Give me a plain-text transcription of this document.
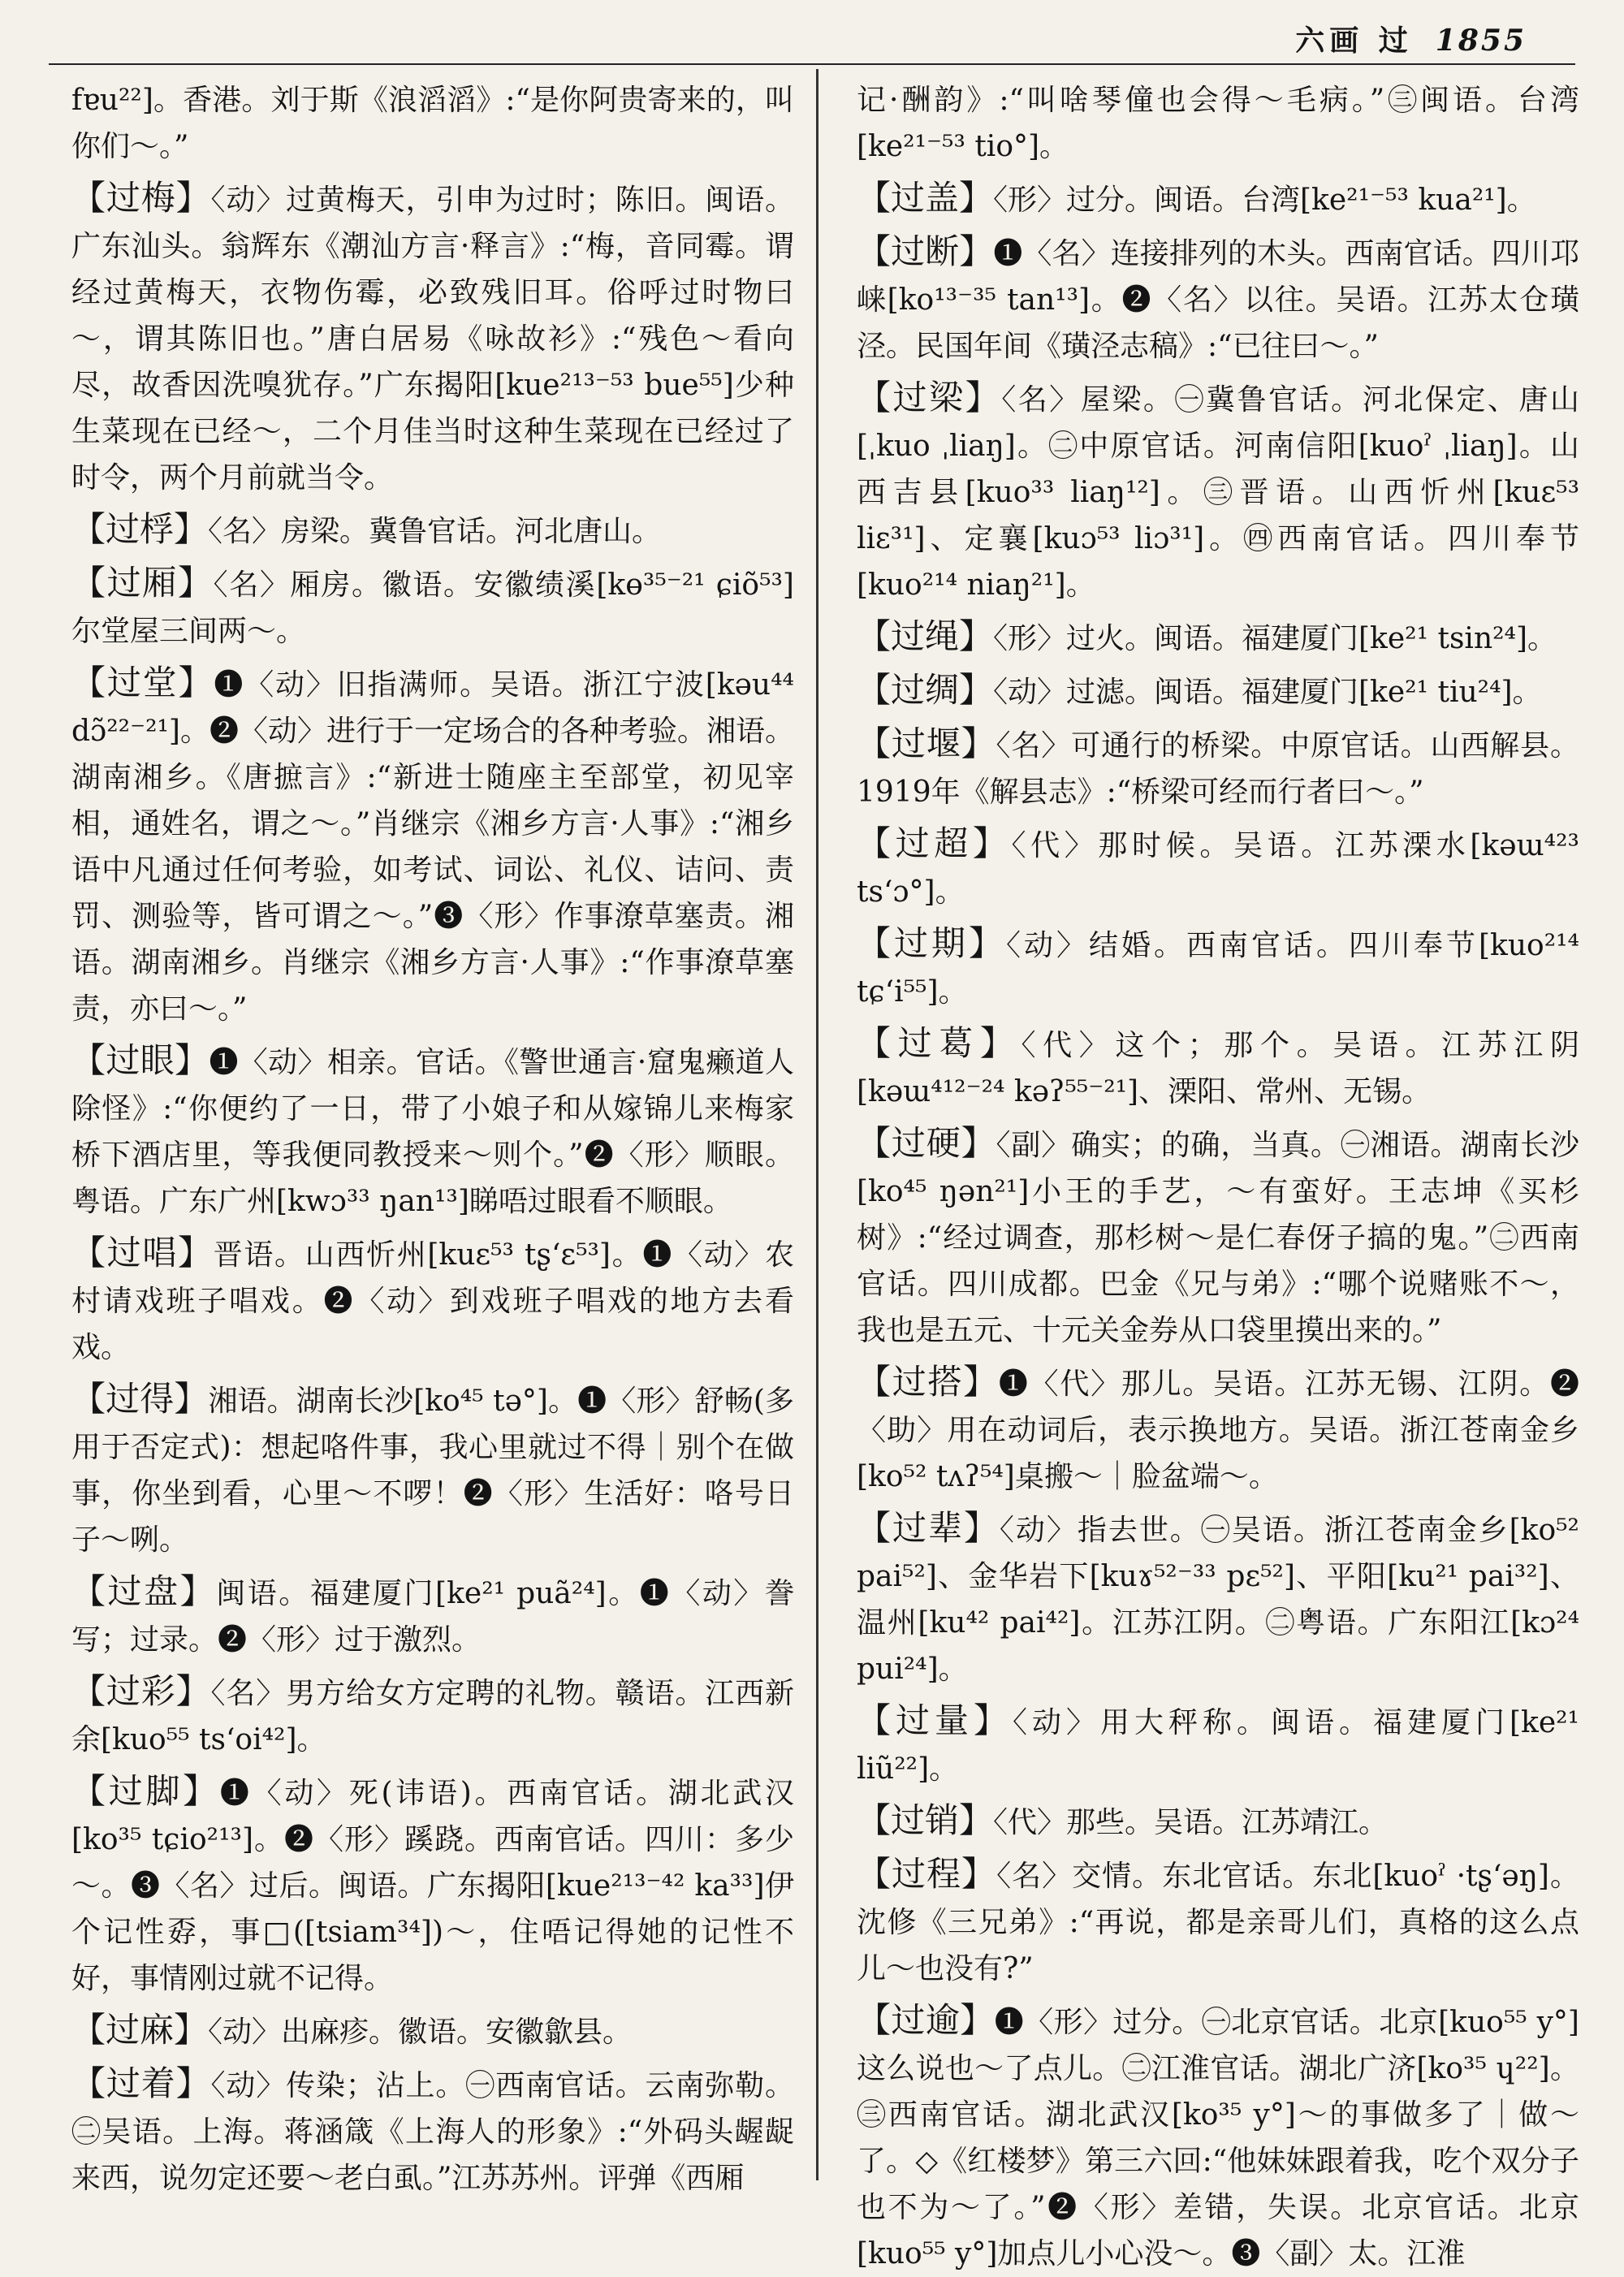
六画 过 1855

fɐu²²]。香港。刘于斯《浪滔滔》:“是你阿贵寄来的，叫你们～。”

【过梅】〈动〉过黄梅天，引申为过时；陈旧。闽语。广东汕头。翁辉东《潮汕方言·释言》:“梅，音同霉。谓经过黄梅天，衣物伤霉，必致残旧耳。俗呼过时物曰～，谓其陈旧也。”唐白居易《咏故衫》:“残色～看向尽，故香因洗嗅犹存。”广东揭阳[kue²¹³⁻⁵³ bue⁵⁵]少种生菜现在已经～，二个月佳当时这种生菜现在已经过了时令，两个月前就当令。

【过桴】〈名〉房梁。冀鲁官话。河北唐山。

【过厢】〈名〉厢房。徽语。安徽绩溪[kɵ³⁵⁻²¹ ɕiõ⁵³]尔堂屋三间两～。

【过堂】❶〈动〉旧指满师。吴语。浙江宁波[kəu⁴⁴ dɔ̃²²⁻²¹]。❷〈动〉进行于一定场合的各种考验。湘语。湖南湘乡。《唐摭言》:“新进士随座主至部堂，初见宰相，通姓名，谓之～。”肖继宗《湘乡方言·人事》:“湘乡语中凡通过任何考验，如考试、词讼、礼仪、诘问、责罚、测验等，皆可谓之～。”❸〈形〉作事潦草塞责。湘语。湖南湘乡。肖继宗《湘乡方言·人事》:“作事潦草塞责，亦曰～。”

【过眼】❶〈动〉相亲。官话。《警世通言·窟鬼癞道人除怪》:“你便约了一日，带了小娘子和从嫁锦儿来梅家桥下酒店里，等我便同教授来～则个。”❷〈形〉顺眼。粤语。广东广州[kwɔ³³ ŋan¹³]睇唔过眼看不顺眼。

【过唱】晋语。山西忻州[kuɛ⁵³ tʂʻɛ⁵³]。❶〈动〉农村请戏班子唱戏。❷〈动〉到戏班子唱戏的地方去看戏。

【过得】湘语。湖南长沙[ko⁴⁵ tə°]。❶〈形〉舒畅(多用于否定式)：想起咯件事，我心里就过不得｜别个在做事，你坐到看，心里～不啰！❷〈形〉生活好：咯号日子～咧。

【过盘】闽语。福建厦门[ke²¹ puã²⁴]。❶〈动〉誊写；过录。❷〈形〉过于激烈。

【过彩】〈名〉男方给女方定聘的礼物。赣语。江西新余[kuo⁵⁵ tsʻoi⁴²]。

【过脚】❶〈动〉死(讳语)。西南官话。湖北武汉[ko³⁵ tɕio²¹³]。❷〈形〉蹊跷。西南官话。四川：多少～。❸〈名〉过后。闽语。广东揭阳[kue²¹³⁻⁴² ka³³]伊个记性孬，事□([tsiam³⁴])～，住唔记得她的记性不好，事情刚过就不记得。

【过麻】〈动〉出麻疹。徽语。安徽歙县。

【过着】〈动〉传染；沾上。㊀西南官话。云南弥勒。㊁吴语。上海。蒋涵箴《上海人的形象》:“外码头龌龊来西，说勿定还要～老白虱。”江苏苏州。评弹《西厢

记·酬韵》:“叫啥琴僮也会得～毛病。”㊂闽语。台湾[ke²¹⁻⁵³ tio°]。

【过盖】〈形〉过分。闽语。台湾[ke²¹⁻⁵³ kua²¹]。

【过断】❶〈名〉连接排列的木头。西南官话。四川邛崃[ko¹³⁻³⁵ tan¹³]。❷〈名〉以往。吴语。江苏太仓璜泾。民国年间《璜泾志稿》:“已往曰～。”

【过梁】〈名〉屋梁。㊀冀鲁官话。河北保定、唐山[ˌkuo ˌliaŋ]。㊁中原官话。河南信阳[kuoˀ ˌliaŋ]。山西吉县[kuo³³ liaŋ¹²]。㊂晋语。山西忻州[kuɛ⁵³ liɛ³¹]、定襄[kuɔ⁵³ liɔ³¹]。㊃西南官话。四川奉节[kuo²¹⁴ niaŋ²¹]。

【过绳】〈形〉过火。闽语。福建厦门[ke²¹ tsin²⁴]。

【过绸】〈动〉过滤。闽语。福建厦门[ke²¹ tiu²⁴]。

【过堰】〈名〉可通行的桥梁。中原官话。山西解县。1919年《解县志》:“桥梁可经而行者曰～。”

【过超】〈代〉那时候。吴语。江苏溧水[kəɯ⁴²³ tsʻɔ°]。

【过期】〈动〉结婚。西南官话。四川奉节[kuo²¹⁴ tɕʻi⁵⁵]。

【过葛】〈代〉这个；那个。吴语。江苏江阴[kəɯ⁴¹²⁻²⁴ kəʔ⁵⁵⁻²¹]、溧阳、常州、无锡。

【过硬】〈副〉确实；的确，当真。㊀湘语。湖南长沙[ko⁴⁵ ŋən²¹]小王的手艺，～有蛮好。王志坤《买杉树》:“经过调查，那杉树～是仁春伢子搞的鬼。”㊁西南官话。四川成都。巴金《兄与弟》:“哪个说赌账不～，我也是五元、十元关金券从口袋里摸出来的。”

【过搭】❶〈代〉那儿。吴语。江苏无锡、江阴。❷〈助〉用在动词后，表示换地方。吴语。浙江苍南金乡[ko⁵² tʌʔ⁵⁴]桌搬～｜脸盆端～。

【过辈】〈动〉指去世。㊀吴语。浙江苍南金乡[ko⁵² pai⁵²]、金华岩下[kuɤ⁵²⁻³³ pɛ⁵²]、平阳[ku²¹ pai³²]、温州[ku⁴² pai⁴²]。江苏江阴。㊁粤语。广东阳江[kɔ²⁴ pui²⁴]。

【过量】〈动〉用大秤称。闽语。福建厦门[ke²¹ liũ²²]。

【过销】〈代〉那些。吴语。江苏靖江。

【过程】〈名〉交情。东北官话。东北[kuoˀ ·tʂʻəŋ]。沈修《三兄弟》:“再说，都是亲哥儿们，真格的这么点儿～也没有?”

【过逾】❶〈形〉过分。㊀北京官话。北京[kuo⁵⁵ y°]这么说也～了点儿。㊁江淮官话。湖北广济[ko³⁵ ɥ²²]。㊂西南官话。湖北武汉[ko³⁵ y°]～的事做多了｜做～了。◇《红楼梦》第三六回:“他妹妹跟着我，吃个双分子也不为～了。”❷〈形〉差错，失误。北京官话。北京[kuo⁵⁵ y°]加点儿小心没～。❸〈副〉太。江淮
